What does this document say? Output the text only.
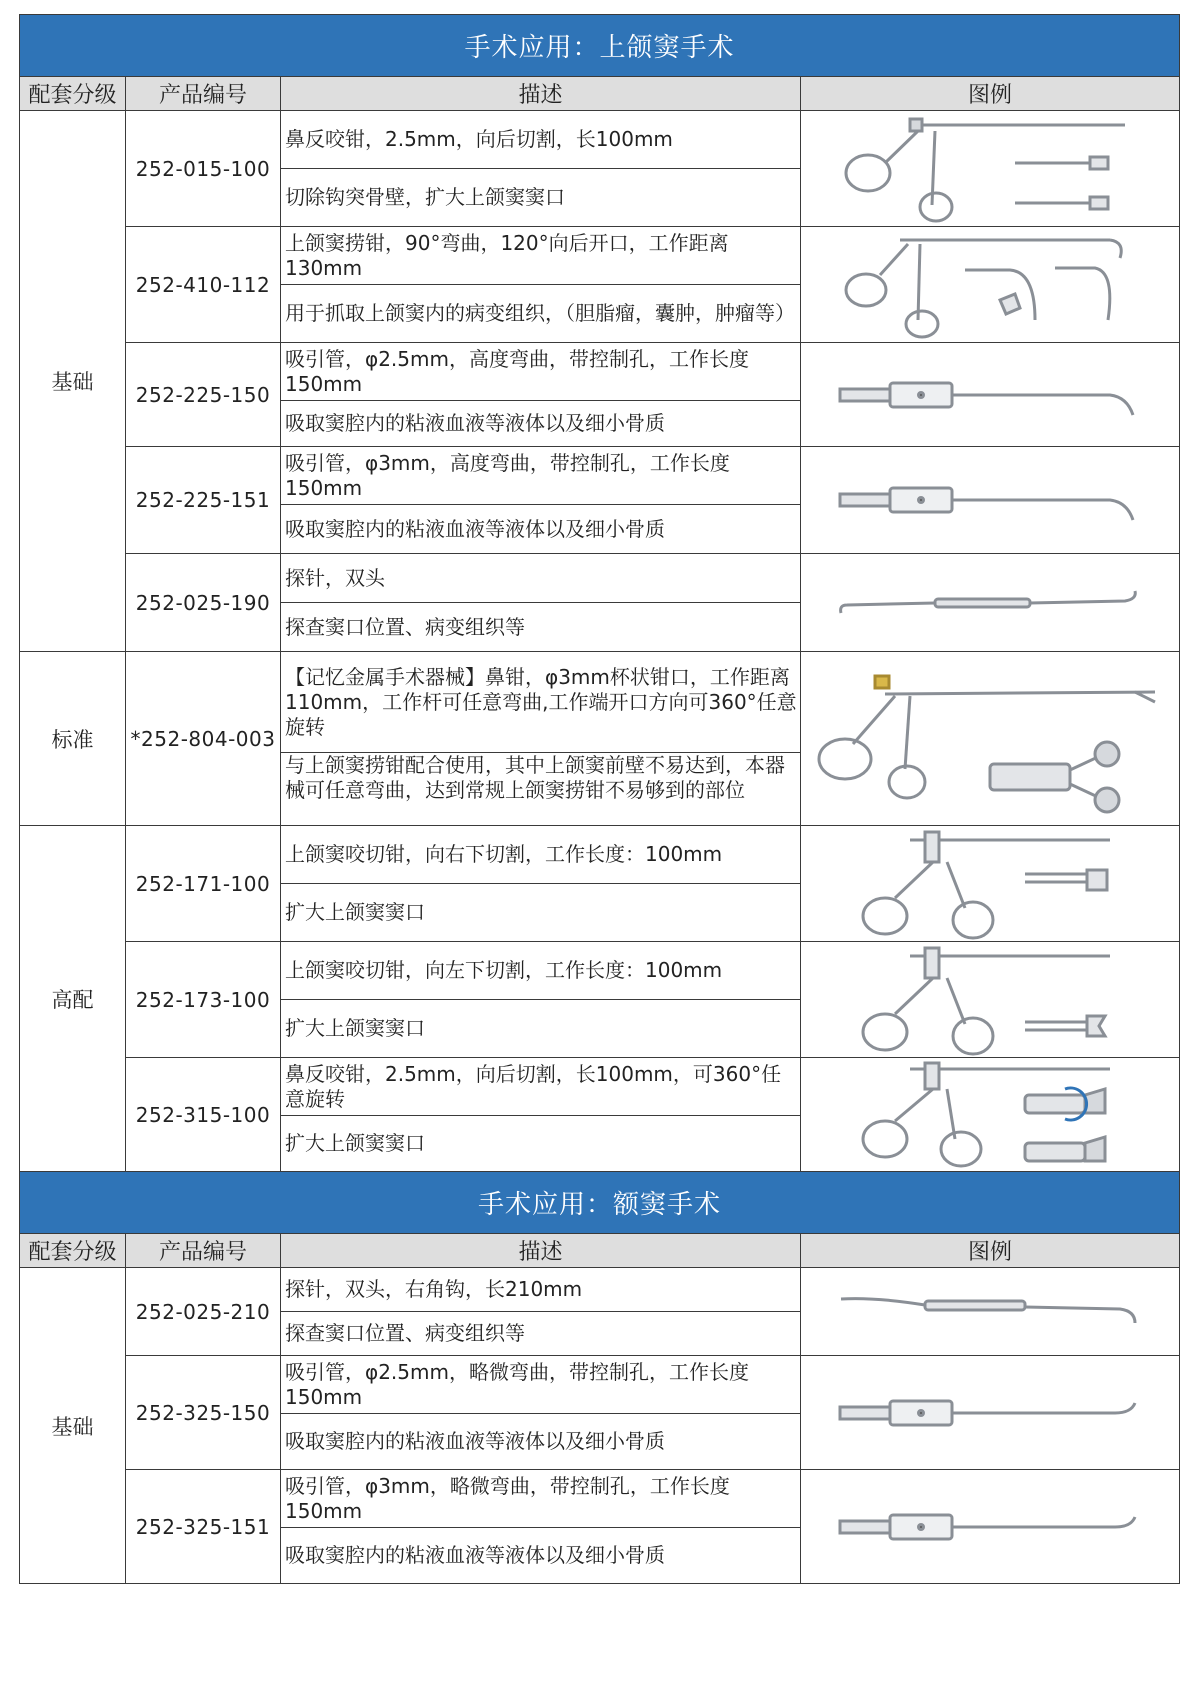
手术应用：上颌窦手术			
配套分级	产品编号	描述	图例
基础	252-015-100	鼻反咬钳，2.5mm，向后切割，长100mm

		切除钩突骨壁，扩大上颌窦窦口	

	252-410-112	上颌窦捞钳，90°弯曲，120°向后开口，工作距离130mm

		用于抓取上颌窦内的病变组织，（胆脂瘤，囊肿，肿瘤等）	

	252-225-150	吸引管，φ2.5mm，高度弯曲，带控制孔，工作长度150mm

		吸取窦腔内的粘液血液等液体以及细小骨质	

	252-225-151	吸引管，φ3mm，高度弯曲，带控制孔，工作长度150mm

		吸取窦腔内的粘液血液等液体以及细小骨质	

	252-025-190	探针，双头

		探查窦口位置、病变组织等	

标准	*252-804-003	【记忆金属手术器械】鼻钳，φ3mm杯状钳口，工作距离110mm，工作杆可任意弯曲,工作端开口方向可360°任意旋转

		与上颌窦捞钳配合使用，其中上颌窦前壁不易达到，本器械可任意弯曲，达到常规上颌窦捞钳不易够到的部位	

高配	252-171-100	上颌窦咬切钳，向右下切割，工作长度：100mm

		扩大上颌窦窦口	

	252-173-100	上颌窦咬切钳，向左下切割，工作长度：100mm

		扩大上颌窦窦口	

	252-315-100	鼻反咬钳，2.5mm，向后切割，长100mm，可360°任意旋转

		扩大上颌窦窦口	

手术应用：额窦手术			
配套分级	产品编号	描述	图例
基础	252-025-210	探针，双头，右角钩，长210mm

		探查窦口位置、病变组织等	

	252-325-150	吸引管，φ2.5mm，略微弯曲，带控制孔，工作长度150mm

		吸取窦腔内的粘液血液等液体以及细小骨质	

	252-325-151	吸引管，φ3mm，略微弯曲，带控制孔，工作长度150mm

		吸取窦腔内的粘液血液等液体以及细小骨质	
